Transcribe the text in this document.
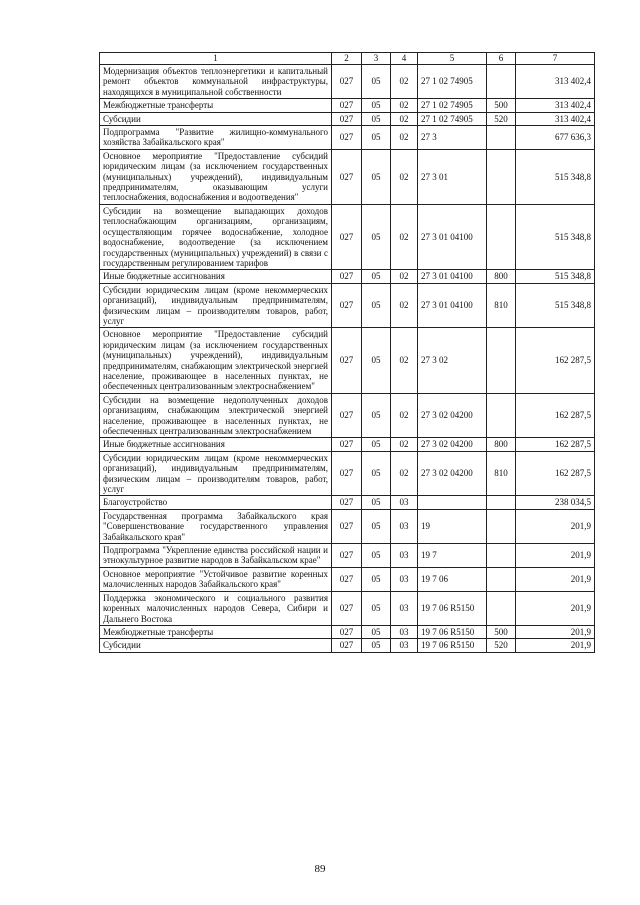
1	2	3	4	5	6	7
Модернизация объектов теплоэнергетики и капитальный ремонт объектов коммунальной инфраструктуры, находящихся в муниципальной собственности	027	05	02	27 1 02 74905		313 402,4
Межбюджетные трансферты	027	05	02	27 1 02 74905	500	313 402,4
Субсидии	027	05	02	27 1 02 74905	520	313 402,4
Подпрограмма "Развитие жилищно-коммунального хозяйства Забайкальского края"	027	05	02	27 3		677 636,3
Основное мероприятие "Предоставление субсидий юридическим лицам (за исключением государственных (муниципальных) учреждений), индивидуальным предпринимателям, оказывающим услуги теплоснабжения, водоснабжения и водоотведения"	027	05	02	27 3 01		515 348,8
Субсидии на возмещение выпадающих доходов теплоснабжающим организациям, организациям, осуществляющим горячее водоснабжение, холодное водоснабжение, водоотведение (за исключением государственных (муниципальных) учреждений) в связи с государственным регулированием тарифов	027	05	02	27 3 01 04100		515 348,8
Иные бюджетные ассигнования	027	05	02	27 3 01 04100	800	515 348,8
Субсидии юридическим лицам (кроме некоммерческих организаций), индивидуальным предпринимателям, физическим лицам – производителям товаров, работ, услуг	027	05	02	27 3 01 04100	810	515 348,8
Основное мероприятие "Предоставление субсидий юридическим лицам (за исключением государственных (муниципальных) учреждений), индивидуальным предпринимателям, снабжающим электрической энергией население, проживающее в населенных пунктах, не обеспеченных централизованным электроснабжением"	027	05	02	27 3 02		162 287,5
Субсидии на возмещение недополученных доходов организациям, снабжающим электрической энергией население, проживающее в населенных пунктах, не обеспеченных централизованным электроснабжением	027	05	02	27 3 02 04200		162 287,5
Иные бюджетные ассигнования	027	05	02	27 3 02 04200	800	162 287,5
Субсидии юридическим лицам (кроме некоммерческих организаций), индивидуальным предпринимателям, физическим лицам – производителям товаров, работ, услуг	027	05	02	27 3 02 04200	810	162 287,5
Благоустройство	027	05	03			238 034,5
Государственная программа Забайкальского края "Совершенствование государственного управления Забайкальского края"	027	05	03	19		201,9
Подпрограмма "Укрепление единства российской нации и этнокультурное развитие народов в Забайкальском крае"	027	05	03	19 7		201,9
Основное мероприятие "Устойчивое развитие коренных малочисленных народов Забайкальского края"	027	05	03	19 7 06		201,9
Поддержка экономического и социального развития коренных малочисленных народов Севера, Сибири и Дальнего Востока	027	05	03	19 7 06 R5150		201,9
Межбюджетные трансферты	027	05	03	19 7 06 R5150	500	201,9
Субсидии	027	05	03	19 7 06 R5150	520	201,9
89
